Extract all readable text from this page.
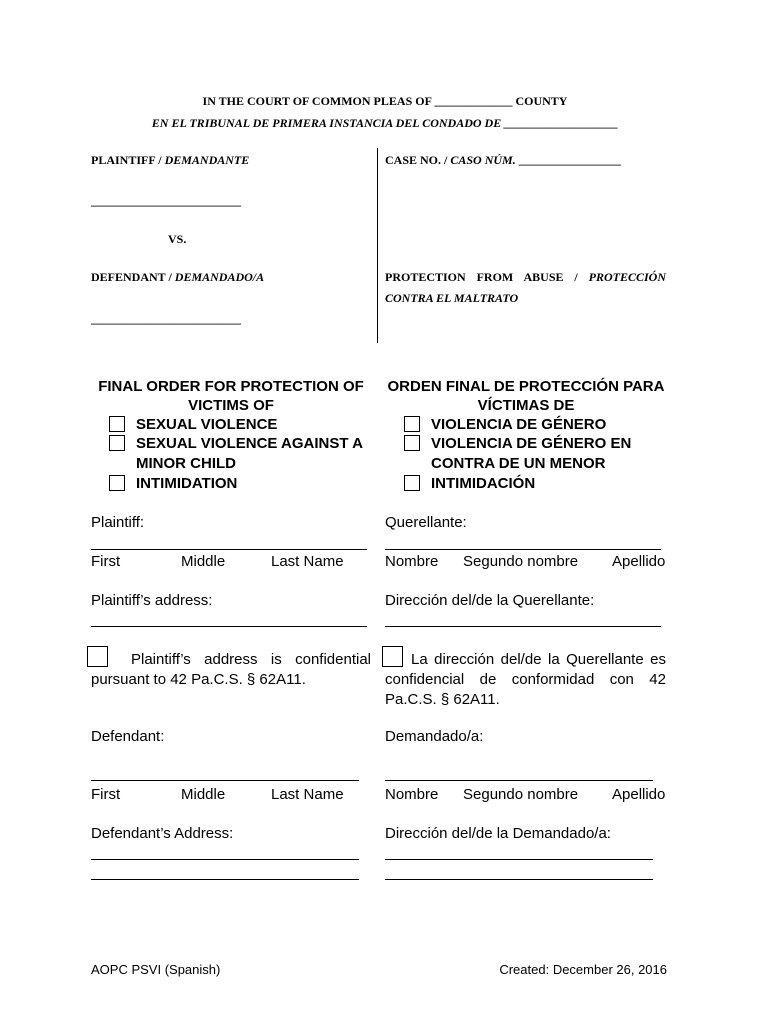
IN THE COURT OF COMMON PLEAS OF _____________ COUNTY
EN EL TRIBUNAL DE PRIMERA INSTANCIA DEL CONDADO DE ___________________
PLAINTIFF / DEMANDANTE
_________________________
VS.
DEFENDANT / DEMANDADO/A
_________________________
CASE NO. / CASO NÚM. _________________
PROTECTION FROM ABUSE / PROTECCIÓN
CONTRA EL MALTRATO
FINAL ORDER FOR PROTECTION OF
VICTIMS OF
SEXUAL VIOLENCE
SEXUAL VIOLENCE AGAINST A
MINOR CHILD
INTIMIDATION
ORDEN FINAL DE PROTECCIÓN PARA
VÍCTIMAS DE
VIOLENCIA DE GÉNERO
VIOLENCIA DE GÉNERO EN
CONTRA DE UN MENOR
INTIMIDACIÓN
Plaintiff:
First	Middle	Last Name
Plaintiff’s address:
Plaintiff’s address is confidential pursuant to 42 Pa.C.S. § 62A11.
Querellante:
Nombre Segundo nombre Apellido
Dirección del/de la Querellante:
La dirección del/de la Querellante es confidencial de conformidad con 42 Pa.C.S. § 62A11.
Defendant:
First	Middle	Last Name
Defendant’s Address:
Demandado/a:
Nombre Segundo nombre Apellido
Dirección del/de la Demandado/a:
AOPC PSVI (Spanish)	Created: December 26, 2016
